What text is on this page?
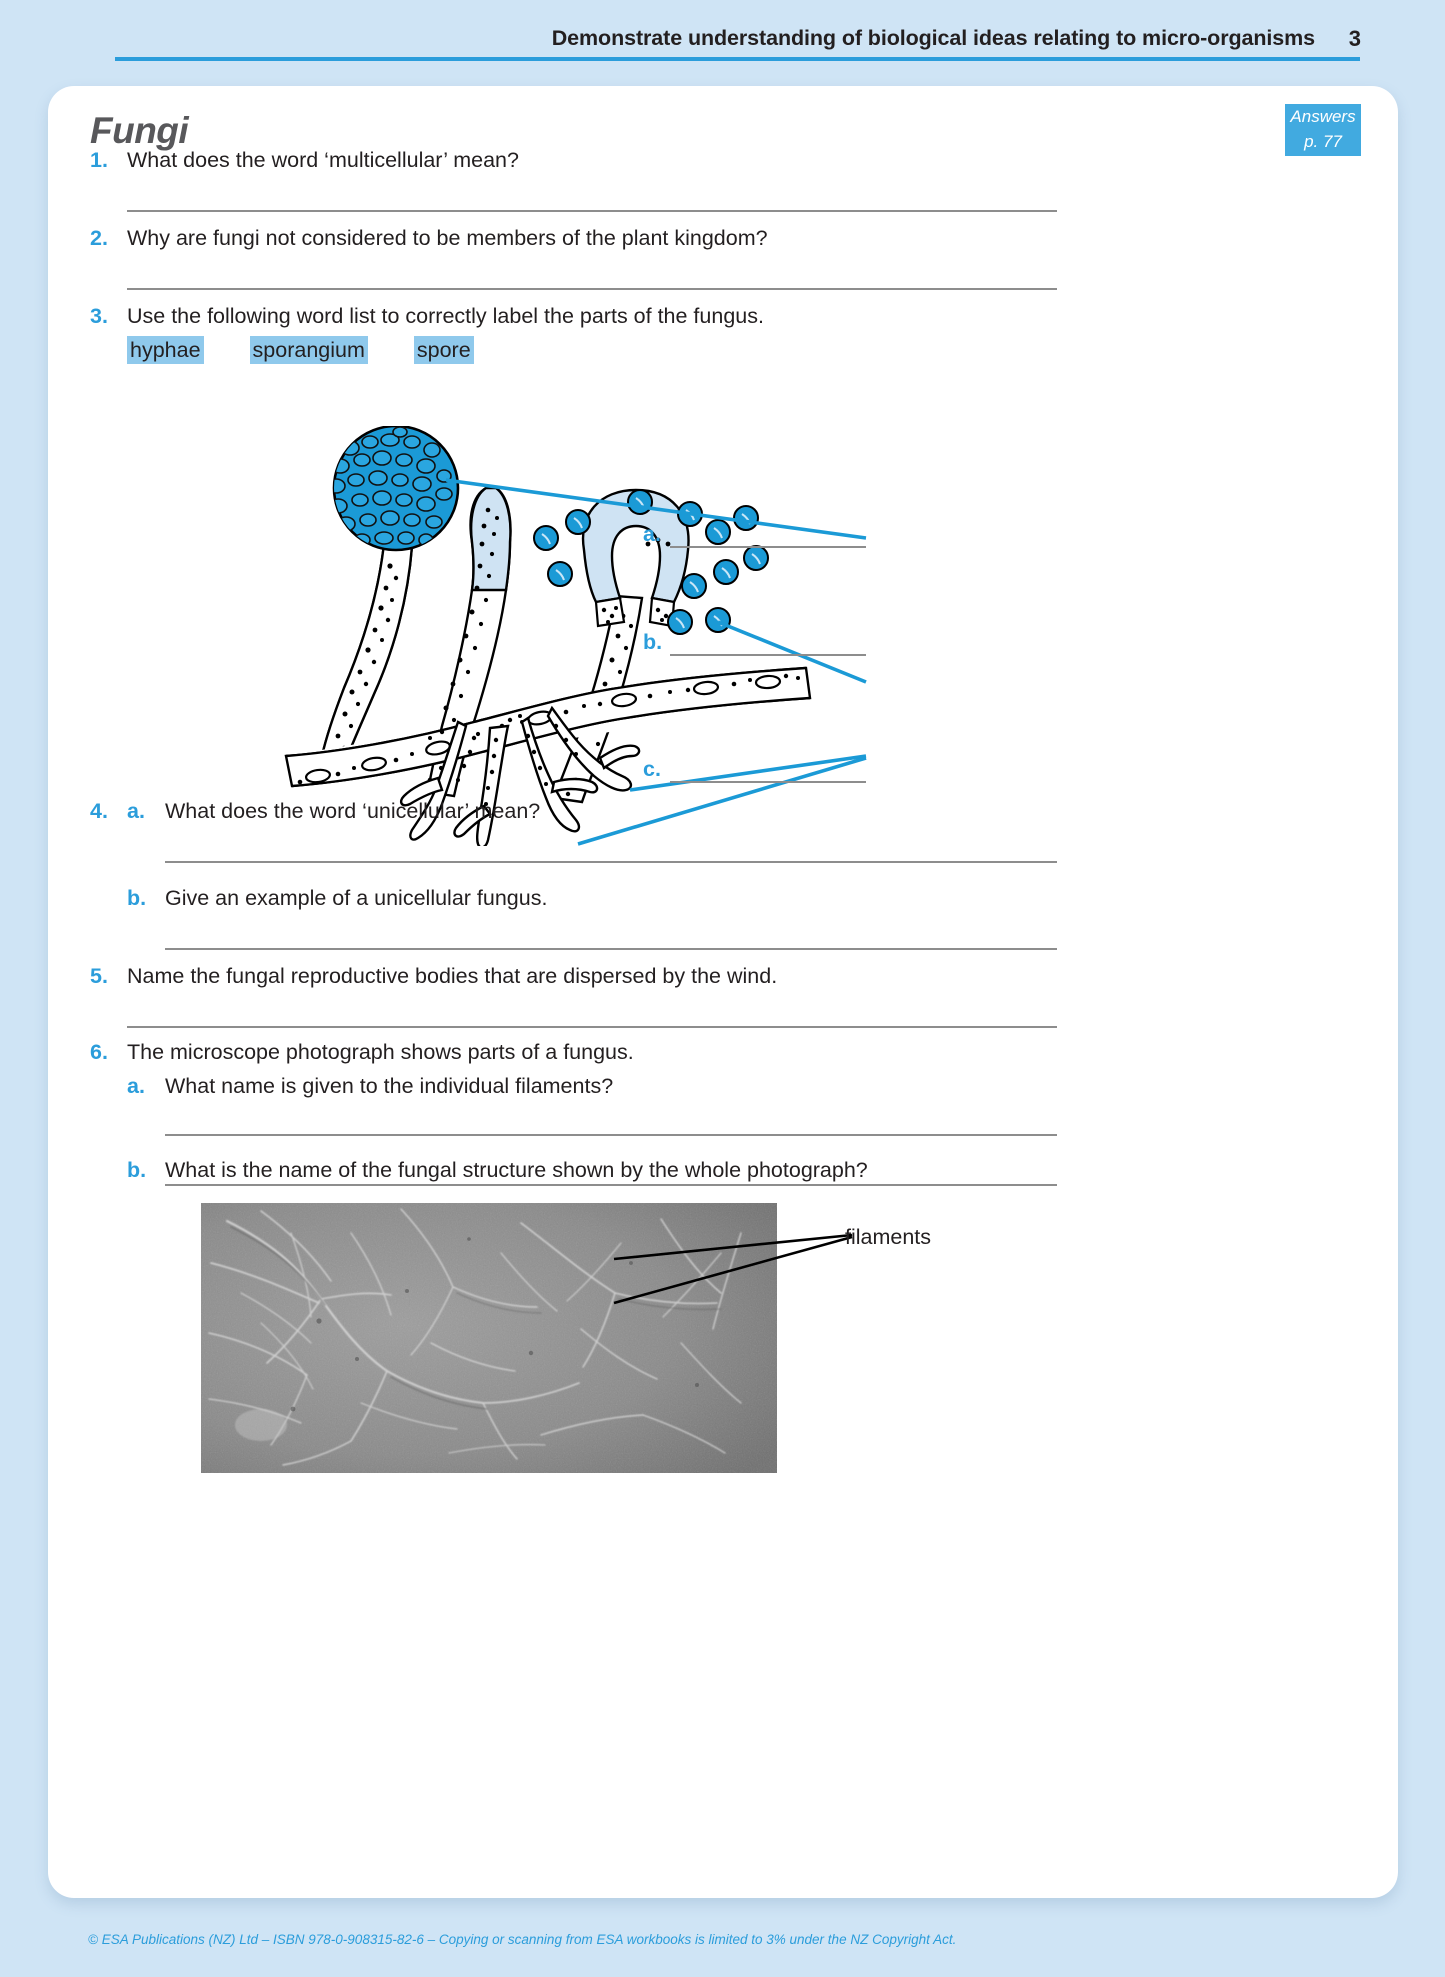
Demonstrate understanding of biological ideas relating to micro-organisms 3
Answers
p. 77
Fungi
1. What does the word ‘multicellular’ mean?
2. Why are fungi not considered to be members of the plant kingdom?
3. Use the following word list to correctly label the parts of the fungus.
hyphae sporangium spore
a.
b.
c.
4. a. What does the word ‘unicellular’ mean?
b. Give an example of a unicellular fungus.
5. Name the fungal reproductive bodies that are dispersed by the wind.
6. The microscope photograph shows parts of a fungus.
a. What name is given to the individual filaments?
b. What is the name of the fungal structure shown by the whole photograph?
filaments
© ESA Publications (NZ) Ltd – ISBN 978-0-908315-82-6 – Copying or scanning from ESA workbooks is limited to 3% under the NZ Copyright Act.
